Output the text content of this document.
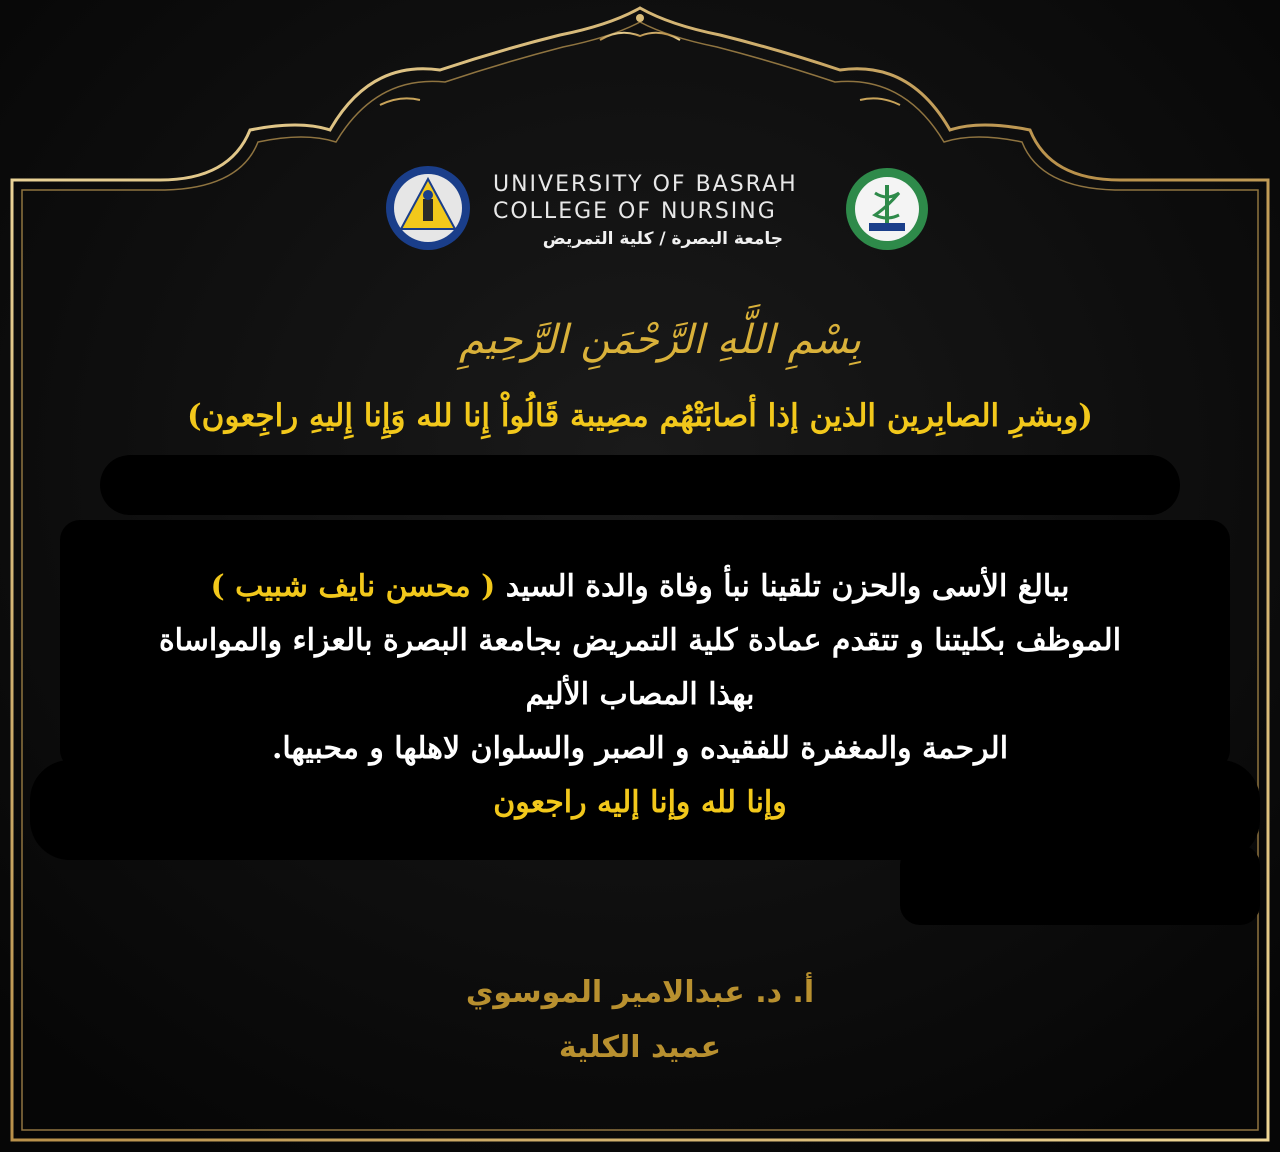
UNIVERSITY OF BASRAH
COLLEGE OF NURSING
جامعة البصرة / كلية التمريض
بِسْمِ اللَّهِ الرَّحْمَنِ الرَّحِيمِ
(وبشرِ الصابِرين الذين إذا أصابَتْهُم مصِيبة قَالُواْ إِنا لله وَإِنا إِليهِ راجِعون)
ببالغ الأسى والحزن تلقينا نبأ وفاة والدة السيد ( محسن نايف شبيب )
الموظف بكليتنا و تتقدم عمادة كلية التمريض بجامعة البصرة بالعزاء والمواساة
بهذا المصاب الأليم
الرحمة والمغفرة للفقيده و الصبر والسلوان لاهلها و محبيها.
وإنا لله وإنا إليه راجعون
أ. د. عبدالامير الموسوي
عميد الكلية
